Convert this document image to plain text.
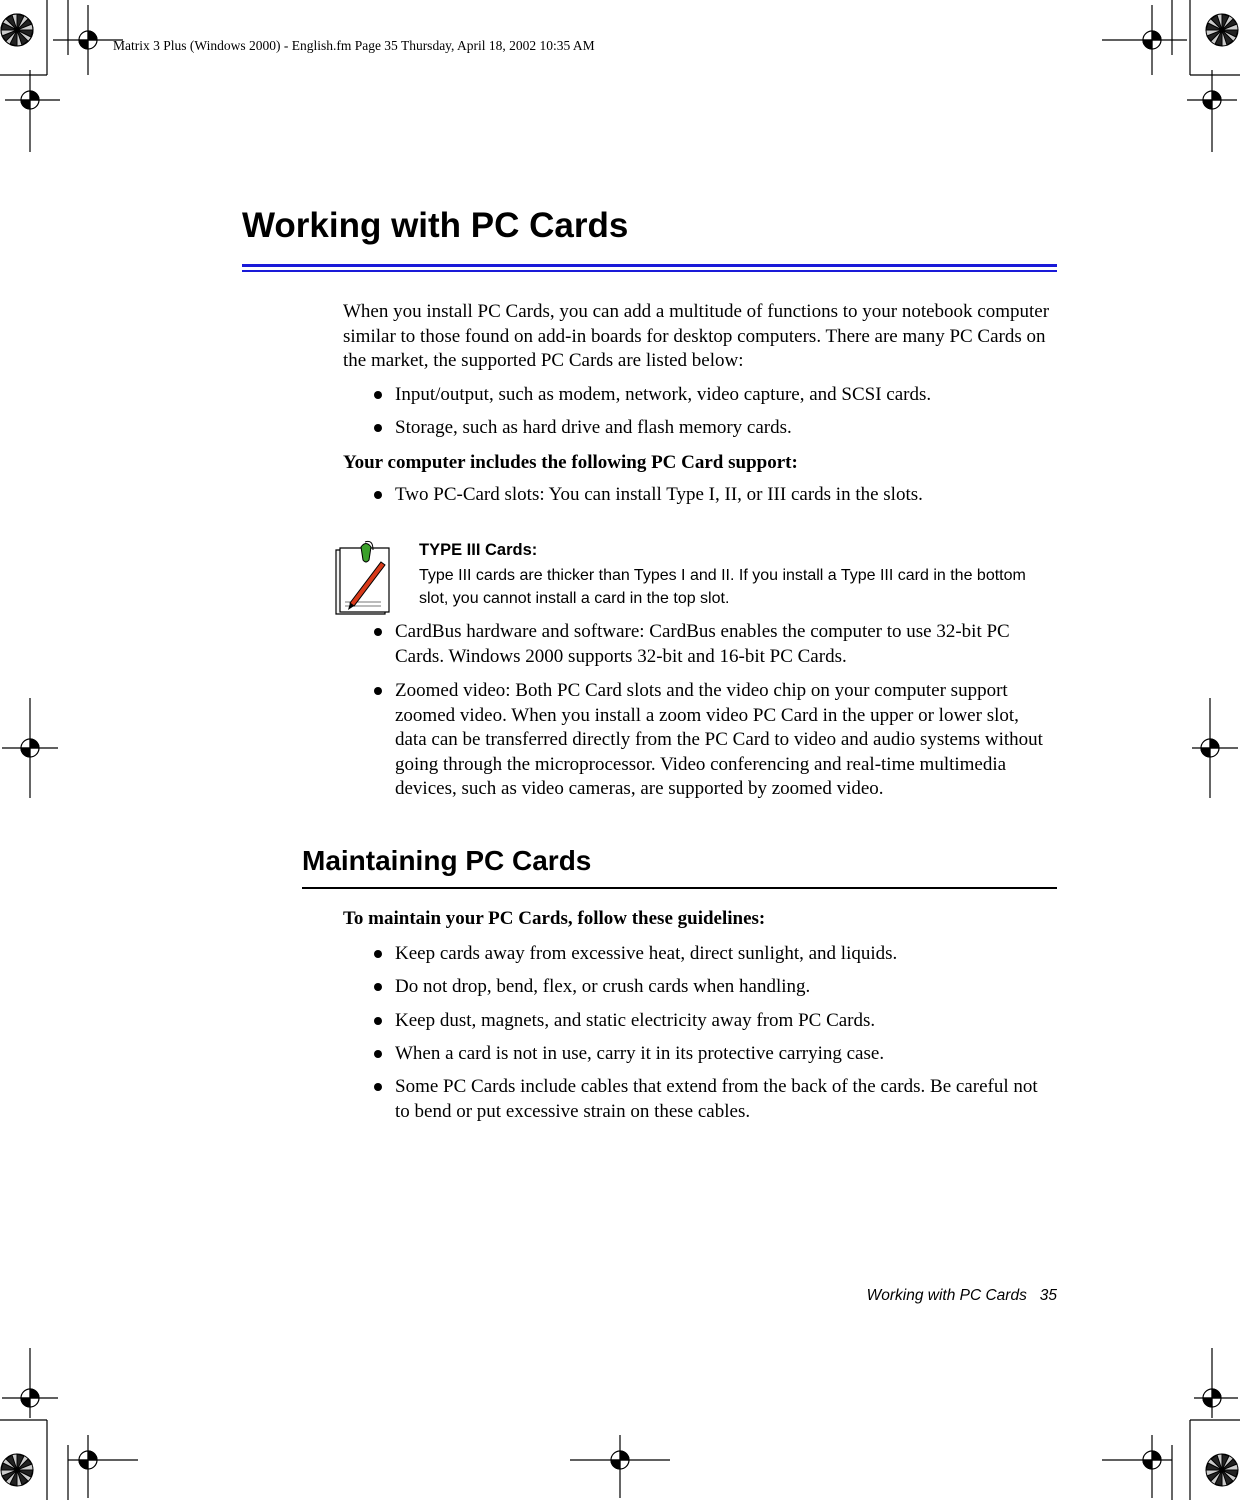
Matrix 3 Plus (Windows 2000) - English.fm Page 35 Thursday, April 18, 2002 10:35 AM
Working with PC Cards
When you install PC Cards, you can add a multitude of functions to your notebook computer similar to those found on add-in boards for desktop computers. There are many PC Cards on the market, the supported PC Cards are listed below:
Input/output, such as modem, network, video capture, and SCSI cards.
Storage, such as hard drive and flash memory cards.
Your computer includes the following PC Card support:
Two PC-Card slots: You can install Type I, II, or III cards in the slots.
TYPE III Cards:
Type III cards are thicker than Types I and II. If you install a Type III card in the bottom slot, you cannot install a card in the top slot.
CardBus hardware and software: CardBus enables the computer to use 32-bit PC Cards. Windows 2000 supports 32-bit and 16-bit PC Cards.
Zoomed video: Both PC Card slots and the video chip on your computer support zoomed video. When you install a zoom video PC Card in the upper or lower slot, data can be transferred directly from the PC Card to video and audio systems without going through the microprocessor. Video conferencing and real-time multimedia devices, such as video cameras, are supported by zoomed video.
Maintaining PC Cards
To maintain your PC Cards, follow these guidelines:
Keep cards away from excessive heat, direct sunlight, and liquids.
Do not drop, bend, flex, or crush cards when handling.
Keep dust, magnets, and static electricity away from PC Cards.
When a card is not in use, carry it in its protective carrying case.
Some PC Cards include cables that extend from the back of the cards. Be careful not to bend or put excessive strain on these cables.
Working with PC Cards 35
